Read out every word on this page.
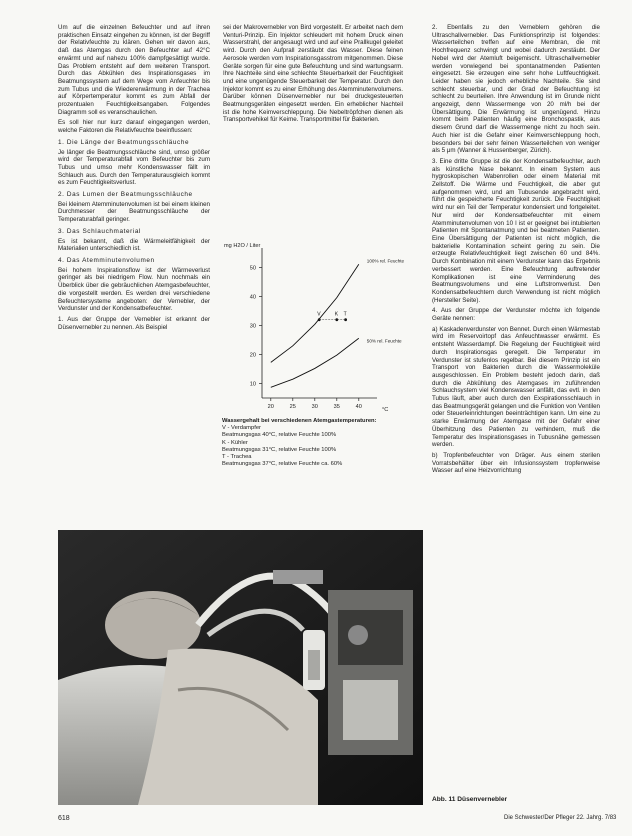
Um auf die einzelnen Befeuchter und auf ihren praktischen Einsatz eingehen zu können, ist der Begriff der Relativfeuchte zu klären. Gehen wir davon aus, daß das Atemgas durch den Befeuchter auf 42°C erwärmt und auf nahezu 100% dampfgesättigt wurde. Das Problem entsteht auf dem weiteren Transport. Durch das Abkühlen des Inspirationsgases im Beatmungssystem auf dem Wege vom Anfeuchter bis zum Tubus und die Wiedererwärmung in der Trachea auf Körpertemperatur kommt es zum Abfall der prozentualen Feuchtigkeitsangaben. Folgendes Diagramm soll es veranschaulichen.

Es soll hier nur kurz darauf eingegangen werden, welche Faktoren die Relativfeuchte beeinflussen:

1. Die Länge der Beatmungsschläuche

Je länger die Beatmungsschläuche sind, umso größer wird der Temperaturabfall vom Befeuchter bis zum Tubus und umso mehr Kondenswasser fällt im Schlauch aus. Durch den Temperaturausgleich kommt es zum Feuchtigkeitsverlust.

2. Das Lumen der Beatmungsschläuche

Bei kleinem Atemminutenvolumen ist bei einem kleinen Durchmesser der Beatmungsschläuche der Temperaturabfall geringer.

3. Das Schlauchmaterial

Es ist bekannt, daß die Wärmeleitfähigkeit der Materialien unterschiedlich ist.

4. Das Atemminutenvolumen

Bei hohem Inspirationsflow ist der Wärmeverlust geringer als bei niedrigem Flow. Nun nochmals ein Überblick über die gebräuchlichen Atemgasbefeuchter, die vorgestellt werden. Es werden drei verschiedene Befeuchtersysteme angeboten: der Vernebler, der Verdunster und der Kondensatbefeuchter.

1. Aus der Gruppe der Vernebler ist erkannt der Düsenvernebler zu nennen. Als Beispiel

sei der Makrovernebler von Bird vorgestellt. Er arbeitet nach dem Venturi-Prinzip. Ein Injektor schleudert mit hohem Druck einen Wasserstrahl, der angesaugt wird und auf eine Prallkugel geleitet wird. Durch den Aufprall zerstäubt das Wasser. Diese feinen Aerosole werden vom Inspirationsgasstrom mitgenommen. Diese Geräte sorgen für eine gute Befeuchtung und sind wartungsarm. Ihre Nachteile sind eine schlechte Steuerbarkeit der Feuchtigkeit und eine ungenügende Steuerbarkeit der Temperatur. Durch den Injektor kommt es zu einer Erhöhung des Atemminutenvolumens. Darüber können Düsenvernebler nur bei druckgesteuerten Beatmungsgeräten eingesetzt werden. Ein erheblicher Nachteil ist die hohe Keimverschleppung. Die Nebeltröpfchen dienen als Transportvehikel für Keime. Transportmittel für Bakterien.

mg H2O / Liter
°C
10
20
30
40
50
20	25	30	35	40
100% rel. Feuchte
50% rel. Feuchte
V	K T
Wassergehalt bei verschiedenen Atemgastemperaturen:
V - Verdampfer
Beatmungsgas 40°C, relative Feuchte 100%
K - Kühler
Beatmungsgas 31°C, relative Feuchte 100%
T - Trachea
Beatmungsgas 37°C, relative Feuchte ca. 60%

2. Ebenfalls zu den Verneblern gehören die Ultraschallvernebler. Das Funktionsprinzip ist folgendes: Wasserteilchen treffen auf eine Membran, die mit Hochfrequenz schwingt und wobei dadurch zerstäubt. Der Nebel wird der Atemluft beigemischt. Ultraschallvernebler werden vorwiegend bei spontanatmenden Patienten eingesetzt. Sie erzeugen eine sehr hohe Luftfeuchtigkeit. Leider haben sie jedoch erhebliche Nachteile. Sie sind schlecht steuerbar, und der Grad der Befeuchtung ist schlecht zu beurteilen. Ihre Anwendung ist im Grunde nicht angezeigt, denn Wassermenge von 20 ml/h bei der Übersättigung. Die Erwärmung ist ungenügend. Hinzu kommt beim Patienten häufig eine Bronchospastik, aus diesem Grund darf die Wassermenge nicht zu hoch sein. Auch hier ist die Gefahr einer Keimverschleppung hoch, besonders bei der sehr feinen Wasserteilchen von weniger als 5 μm (Wanner & Hussenberger, Zürich).

3. Eine dritte Gruppe ist die der Kondensatbefeuchter, auch als künstliche Nase bekannt. In einem System aus hygroskopischen Wabenrollen oder einem Material mit Zellstoff. Die Wärme und Feuchtigkeit, die aber gut aufgenommen wird, und am Tubusende angebracht wird, führt die gespeicherte Feuchtigkeit zurück. Die Feuchtigkeit wird nur ein Teil der Temperatur kondensiert und fortgeleitet. Nur wird der Kondensatbefeuchter mit einem Atemminutenvolumen von 10 l ist er geeignet bei intubierten Patienten mit Spontanatmung und bei beatmeten Patienten. Eine Übersättigung der Patienten ist nicht möglich, die bakterielle Kontamination scheint gering zu sein. Die erzeugte Relativfeuchtigkeit liegt zwischen 60 und 84%. Durch Kombination mit einem Verdunster kann das Ergebnis verbessert werden. Eine Befeuchtung auftretender Komplikationen ist eine Verminderung des Beatmungsvolumens und eine Luftstromverlust. Den Kondensatbefeuchtern durch Verwendung ist nicht möglich (Hersteller Seite).

4. Aus der Gruppe der Verdunster möchte ich folgende Geräte nennen:

a) Kaskadenverdunster von Bennet. Durch einen Wärmestab wird im Reservoirtopf das Anfeuchtwasser erwärmt. Es entsteht Wasserdampf. Die Regelung der Feuchtigkeit wird durch Inspirationsgas geregelt. Die Temperatur im Verdunster ist stufenlos regelbar. Bei diesem Prinzip ist ein Transport von Bakterien durch die Wassermoleküle ausgeschlossen. Ein Problem besteht jedoch darin, daß durch die Abkühlung des Atemgases im zuführenden Schlauchsystem viel Kondenswasser anfällt, das evtl. in den Tubus läuft, aber auch durch den Exspirationsschlauch in das Beatmungsgerät gelangen und die Funktion von Ventilen oder Steuerleinrichtungen beeinträchtigen kann. Um eine zu starke Erwärmung der Atemgase mit der Gefahr einer Überhitzung des Patienten zu verhindern, muß die Temperatur des Inspirationsgases in Tubusnähe gemessen werden.

b) Tropfenbefeuchter von Dräger. Aus einem sterilen Vorratsbehälter über ein Infusionssystem tropfenweise Wasser auf eine Heizvorrichtung

Abb. 11 Düsenvernebler
618	Die Schwester/Der Pfleger 22. Jahrg. 7/83
